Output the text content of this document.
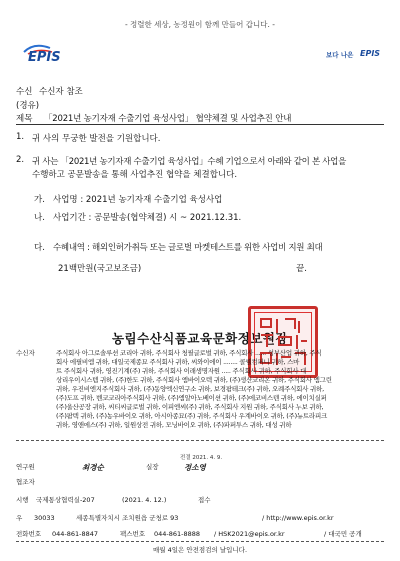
- 정렬한 세상, 농정원이 함께 만들어 갑니다. -
EPIS	보다 나은 EPIS
수신 수신자 참조
(경유)
제목 「2021년 농기자재 수출기업 육성사업」 협약체결 및 사업추진 안내
1. 귀 사의 무궁한 발전을 기원합니다.
2. 귀 사는 「2021년 농기자재 수출기업 육성사업」수혜 기업으로서 아래와 같이 본 사업을
수행하고 공문발송을 통해 사업추진 협약을 체결합니다.
가. 사업명 : 2021년 농기자재 수출기업 육성사업
나. 사업기간 : 공문발송(협약체결) 시 ~ 2021.12.31.
다. 수혜내역 : 해외인허가취득 또는 글로벌 마켓테스트를 위한 사업비 지원 최대
21백만원(국고보조금)	끝.
농림수산식품교육문화정보원장
수신자	주식회사 아그로솔루션 코리아 귀하, 주식회사 청필글로벌 귀하, 주식회사 ...... 성부산업 귀하, 주식
회사 에필비엠 귀하, 대일국제종묘 주식회사 귀하, 씨와이에이 ........ 콜웰컴퍼니 귀하, 스마
트 주식회사 귀하, 영진기계(주) 귀하, 주식회사 이래생명자원 ..... 주식회사 귀하, 주식회사 대
상리우이시스템 귀하, (주)한도 귀하, 주식회사 엠바이오텍 귀하, (주)생산코리온 귀하, 주식회사 엠그린
귀하, 우진비엔지주식회사 귀하, (주)동양엑신연구소 귀하, 보경팜테크(주) 귀하, 오례주식회사 귀하,
(주)도프 귀하, 벤코코리아주식회사 귀하, (주)엠알아노베이션 귀하, (주)에코비스텐 귀하, 에이치실퍼
(주)울산공장 귀하, 씨티씨글로벌 귀하, 이피엔씨(주) 귀하, 주식회사 지원 귀하, 주식회사 누보 귀하,
(주)팜텍 귀하, (주)농우바이오 귀하, 아시아종묘(주) 귀하, 주식회사 우계바이오 귀하, (주)뉴트라피크
귀하, 영앤에스(주) 귀하, 일원상전 귀하, 모닝바이오 귀하, (주)파퍼투스 귀하, 대성 귀하
연구원	최경순	실장
전결 2021. 4. 9.
정소영
협조자
시행 국제통상협력실-207	(2021. 4. 12.)	접수
우 30033	세종특별자치시 조치원읍 군청로 93	/ http://www.epis.or.kr
전화번호 044-861-8847	팩스번호 044-861-8888 / HSK2021@epis.or.kr	/ 대국민 공개
매월 4일은 안전점검의 날입니다.
